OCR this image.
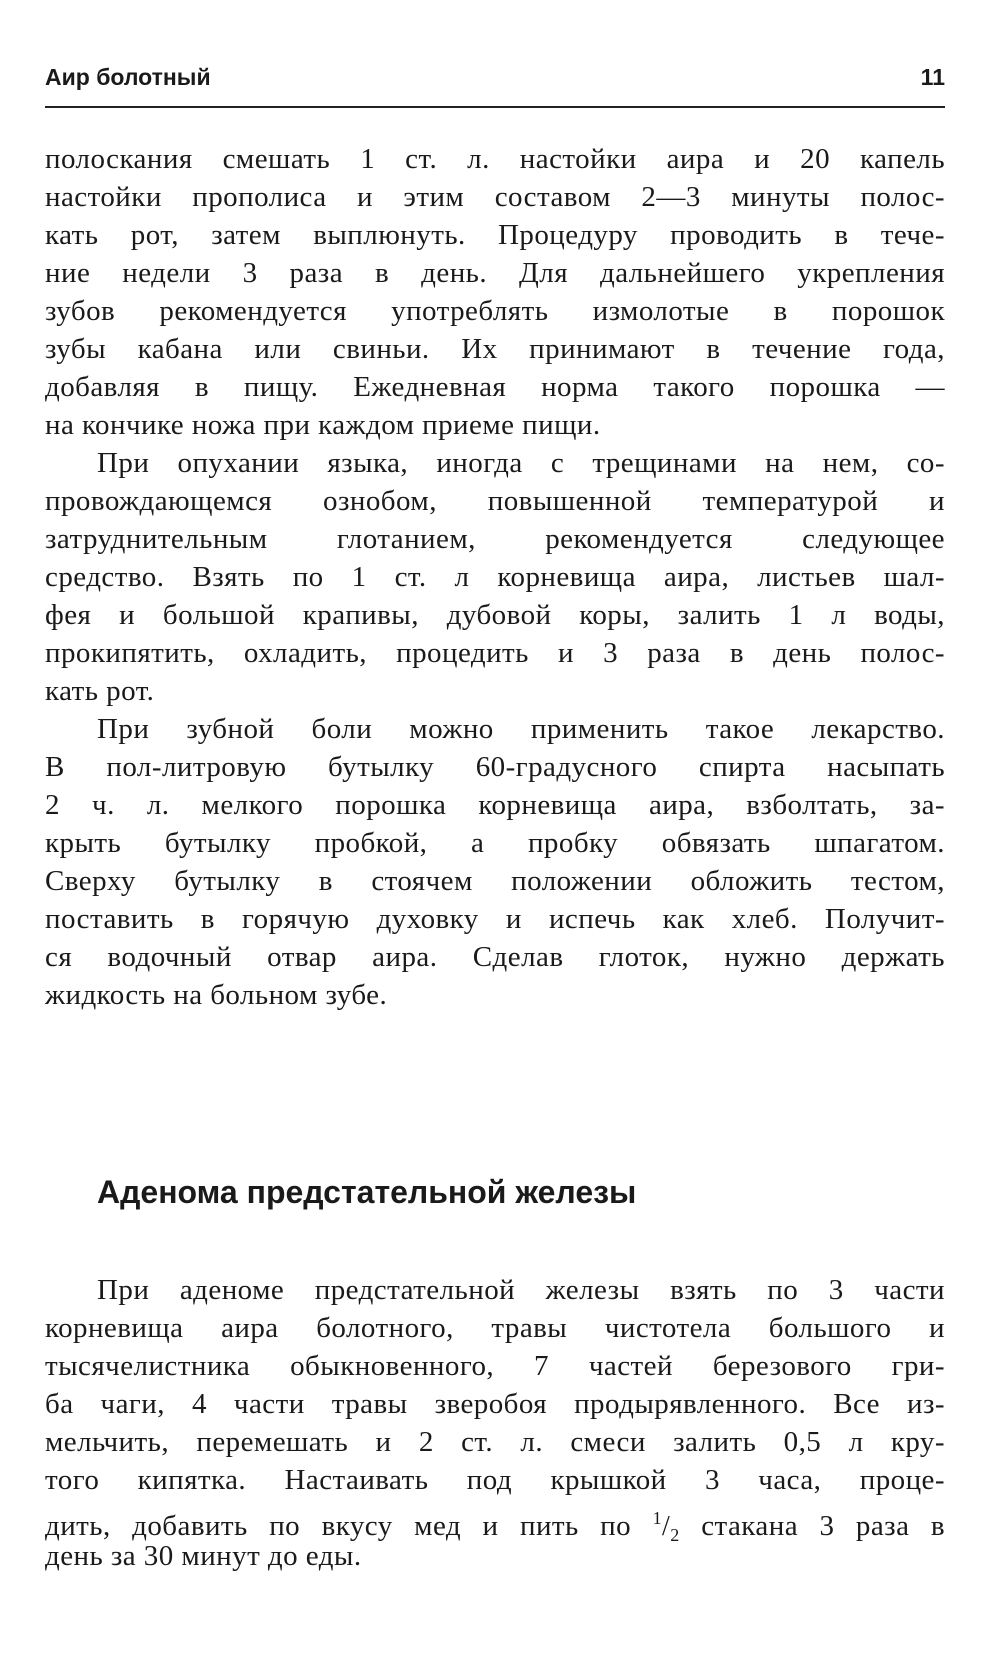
Аир болотный	11
полоскания смешать 1 ст. л. настойки аира и 20 капель
настойки прополиса и этим составом 2—3 минуты полос-
кать рот, затем выплюнуть. Процедуру проводить в тече-
ние недели 3 раза в день. Для дальнейшего укрепления
зубов рекомендуется употреблять измолотые в порошок
зубы кабана или свиньи. Их принимают в течение года,
добавляя в пищу. Ежедневная норма такого порошка —
на кончике ножа при каждом приеме пищи.
При опухании языка, иногда с трещинами на нем, со-
провождающемся ознобом, повышенной температурой и
затруднительным глотанием, рекомендуется следующее
средство. Взять по 1 ст. л корневища аира, листьев шал-
фея и большой крапивы, дубовой коры, залить 1 л воды,
прокипятить, охладить, процедить и 3 раза в день полос-
кать рот.
При зубной боли можно применить такое лекарство.
В пол-литровую бутылку 60-градусного спирта насыпать
2 ч. л. мелкого порошка корневища аира, взболтать, за-
крыть бутылку пробкой, а пробку обвязать шпагатом.
Сверху бутылку в стоячем положении обложить тестом,
поставить в горячую духовку и испечь как хлеб. Получит-
ся водочный отвар аира. Сделав глоток, нужно держать
жидкость на больном зубе.
Аденома предстательной железы
При аденоме предстательной железы взять по 3 части
корневища аира болотного, травы чистотела большого и
тысячелистника обыкновенного, 7 частей березового гри-
ба чаги, 4 части травы зверобоя продырявленного. Все из-
мельчить, перемешать и 2 ст. л. смеси залить 0,5 л кру-
того кипятка. Настаивать под крышкой 3 часа, проце-
дить, добавить по вкусу мед и пить по $^1/_2$ стакана 3 раза в
день за 30 минут до еды.
